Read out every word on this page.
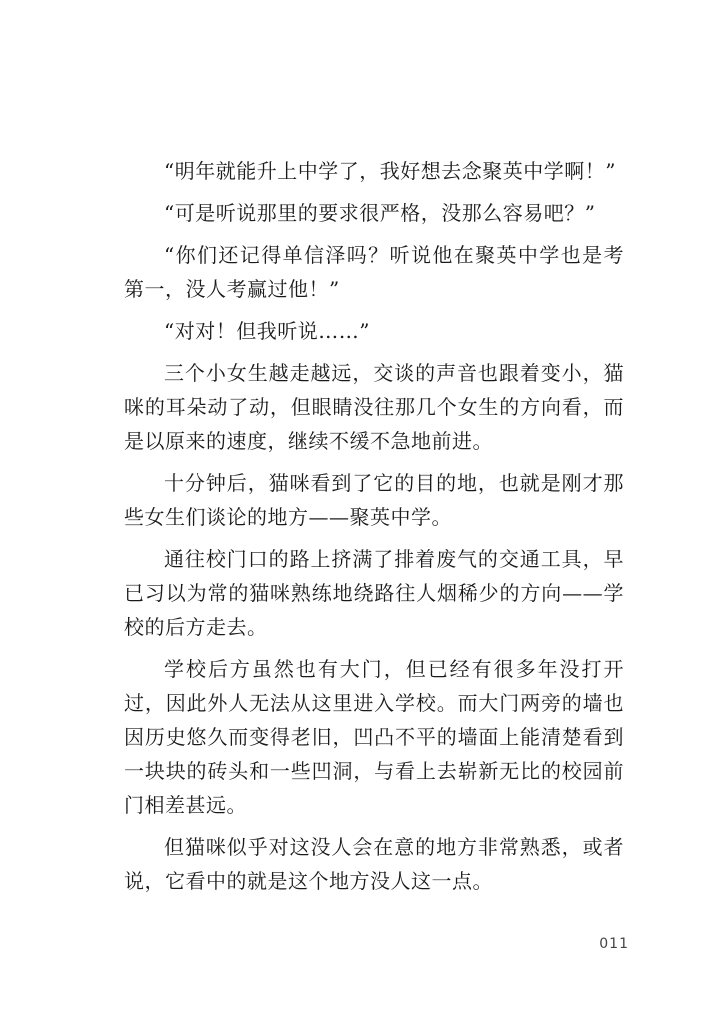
“明年就能升上中学了，我好想去念聚英中学啊！”

“可是听说那里的要求很严格，没那么容易吧？”

“你们还记得单信泽吗？听说他在聚英中学也是考第一，没人考赢过他！”

“对对！但我听说……”

三个小女生越走越远，交谈的声音也跟着变小，猫咪的耳朵动了动，但眼睛没往那几个女生的方向看，而是以原来的速度，继续不缓不急地前进。

十分钟后，猫咪看到了它的目的地，也就是刚才那些女生们谈论的地方——聚英中学。

通往校门口的路上挤满了排着废气的交通工具，早已习以为常的猫咪熟练地绕路往人烟稀少的方向——学校的后方走去。

学校后方虽然也有大门，但已经有很多年没打开过，因此外人无法从这里进入学校。而大门两旁的墙也因历史悠久而变得老旧，凹凸不平的墙面上能清楚看到一块块的砖头和一些凹洞，与看上去崭新无比的校园前门相差甚远。

但猫咪似乎对这没人会在意的地方非常熟悉，或者说，它看中的就是这个地方没人这一点。

011
